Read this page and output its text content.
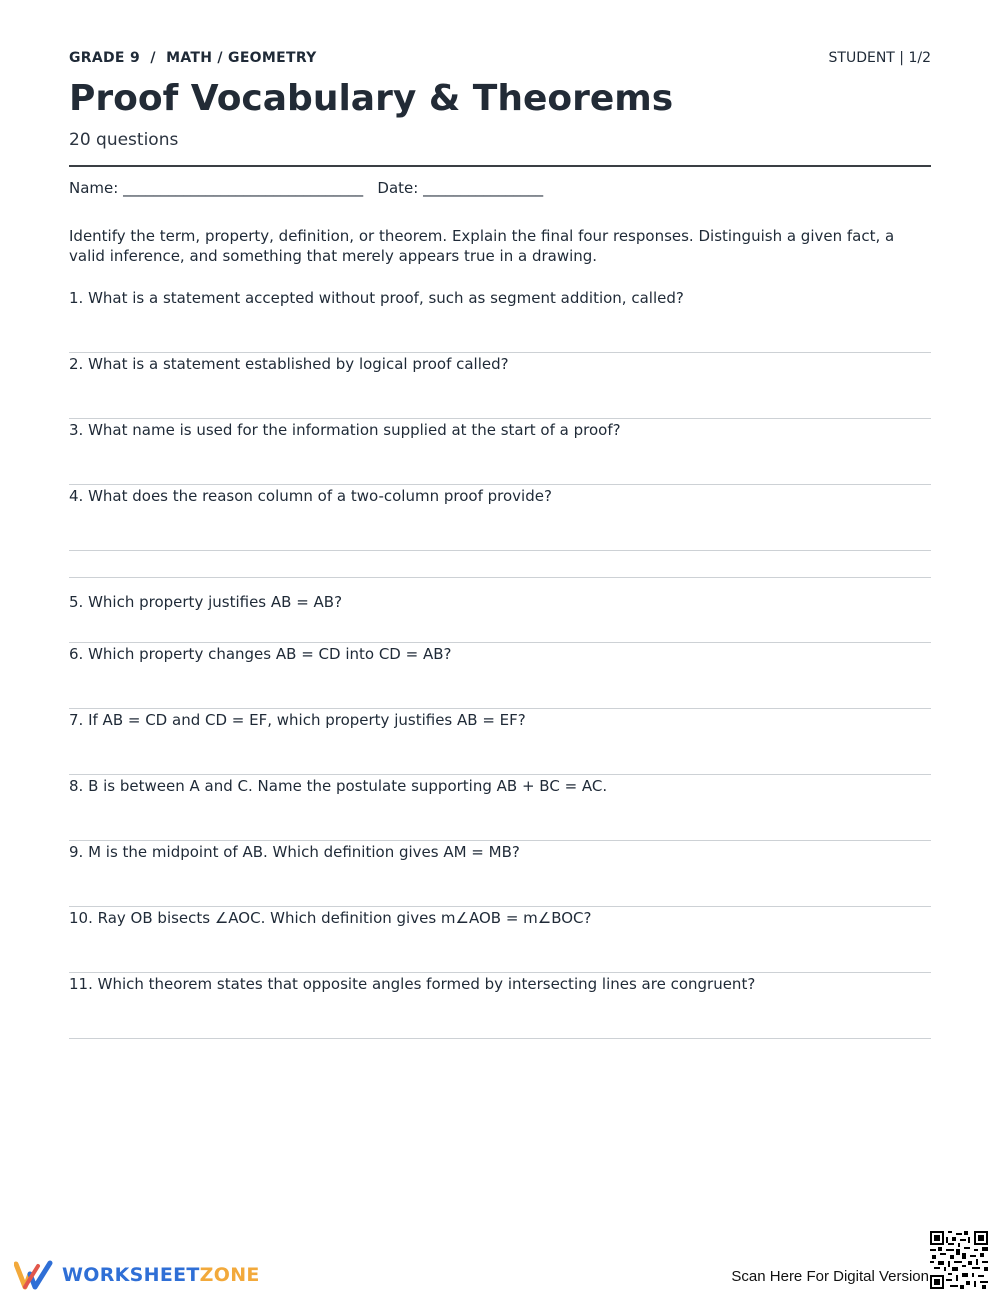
GRADE 9  /  MATH / GEOMETRY	STUDENT | 1/2
Proof Vocabulary & Theorems
20 questions
Name: ________________________________ Date: ________________
Identify the term, property, definition, or theorem. Explain the final four responses. Distinguish a given fact, a valid inference, and something that merely appears true in a drawing.
1. What is a statement accepted without proof, such as segment addition, called?
2. What is a statement established by logical proof called?
3. What name is used for the information supplied at the start of a proof?
4. What does the reason column of a two-column proof provide?
5. Which property justifies AB = AB?
6. Which property changes AB = CD into CD = AB?
7. If AB = CD and CD = EF, which property justifies AB = EF?
8. B is between A and C. Name the postulate supporting AB + BC = AC.
9. M is the midpoint of AB. Which definition gives AM = MB?
10. Ray OB bisects ∠AOC. Which definition gives m∠AOB = m∠BOC?
11. Which theorem states that opposite angles formed by intersecting lines are congruent?
WORKSHEETZONE	Scan Here For Digital Version
